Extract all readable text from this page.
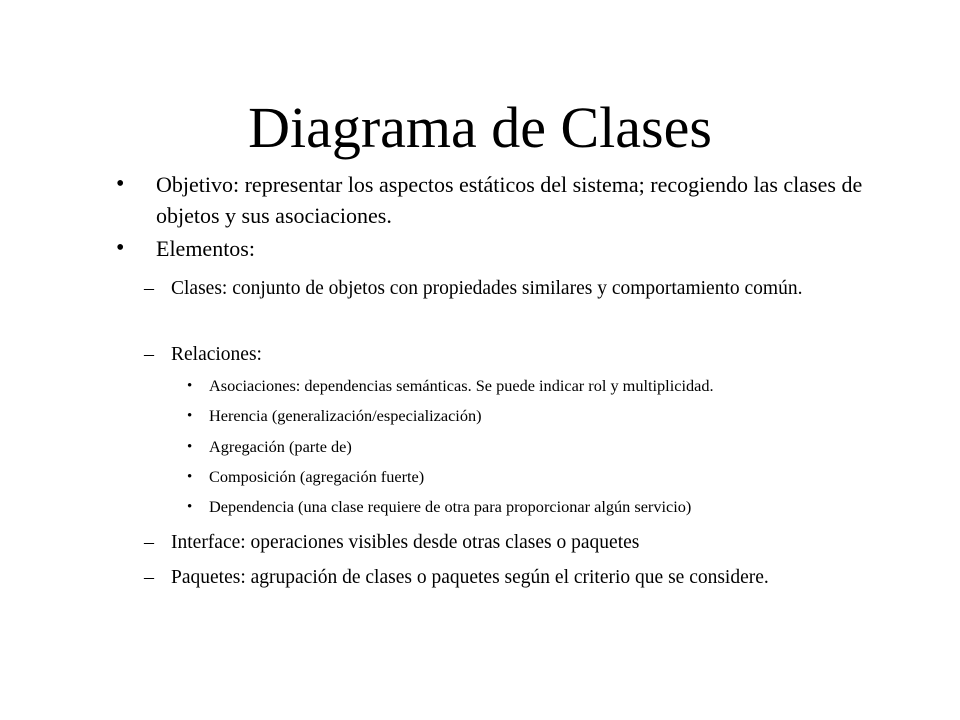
Diagrama de Clases
• Objetivo: representar los aspectos estáticos del sistema; recogiendo las clases de objetos y sus asociaciones.
• Elementos:
– Clases: conjunto de objetos con propiedades similares y comportamiento común.
– Relaciones:
• Asociaciones: dependencias semánticas. Se puede indicar rol y multiplicidad.
• Herencia (generalización/especialización)
• Agregación (parte de)
• Composición (agregación fuerte)
• Dependencia (una clase requiere de otra para proporcionar algún servicio)
– Interface: operaciones visibles desde otras clases o paquetes
– Paquetes: agrupación de clases o paquetes según el criterio que se considere.
